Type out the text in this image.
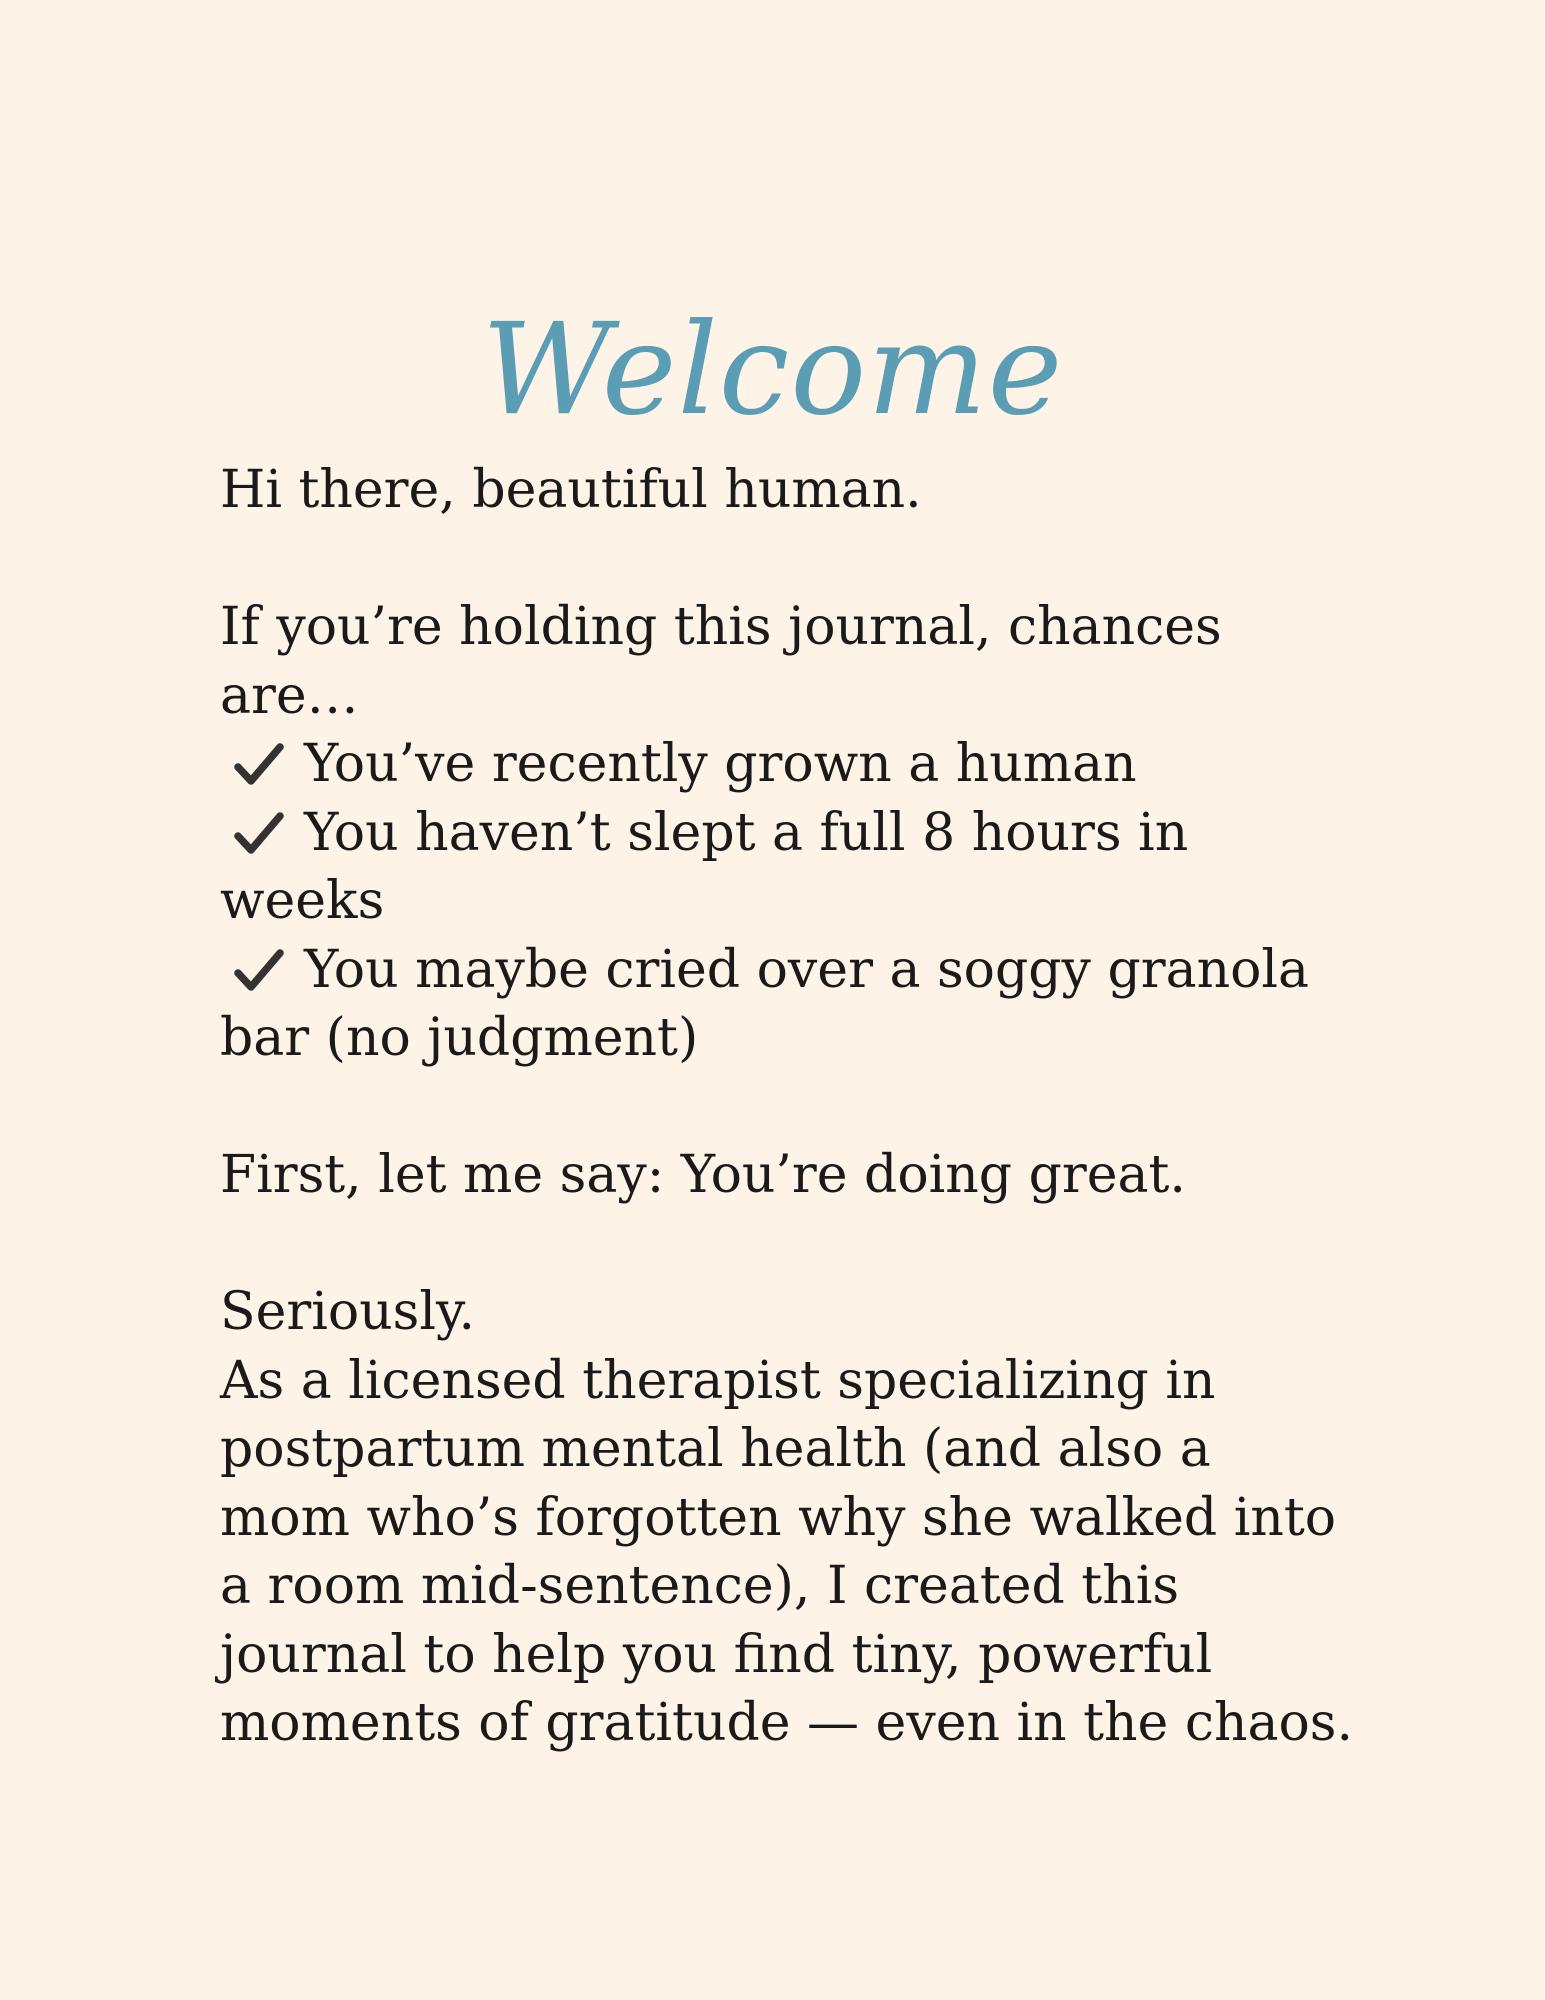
Welcome
Hi there, beautiful human.
If you’re holding this journal, chances
are…
You’ve recently grown a human
You haven’t slept a full 8 hours in
weeks
You maybe cried over a soggy granola
bar (no judgment)
First, let me say: You’re doing great.
Seriously.
As a licensed therapist specializing in
postpartum mental health (and also a
mom who’s forgotten why she walked into
a room mid-sentence), I created this
journal to help you find tiny, powerful
moments of gratitude — even in the chaos.
